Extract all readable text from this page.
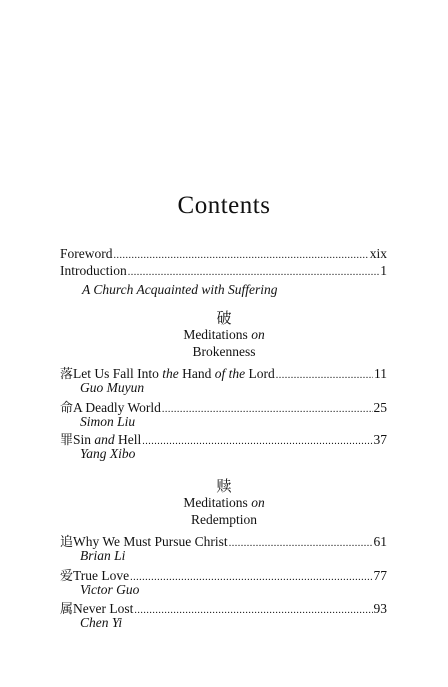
Contents
Foreword .....	xix
Introduction .....	1
A Church Acquainted with Suffering
破
Meditations on
Brokenness
落 Let Us Fall Into the Hand of the Lord .....	11
Guo Muyun
命 A Deadly World .....	25
Simon Liu
罪 Sin and Hell .....	37
Yang Xibo
赎
Meditations on
Redemption
追 Why We Must Pursue Christ .....	61
Brian Li
爱 True Love .....	77
Victor Guo
属 Never Lost .....	93
Chen Yi
